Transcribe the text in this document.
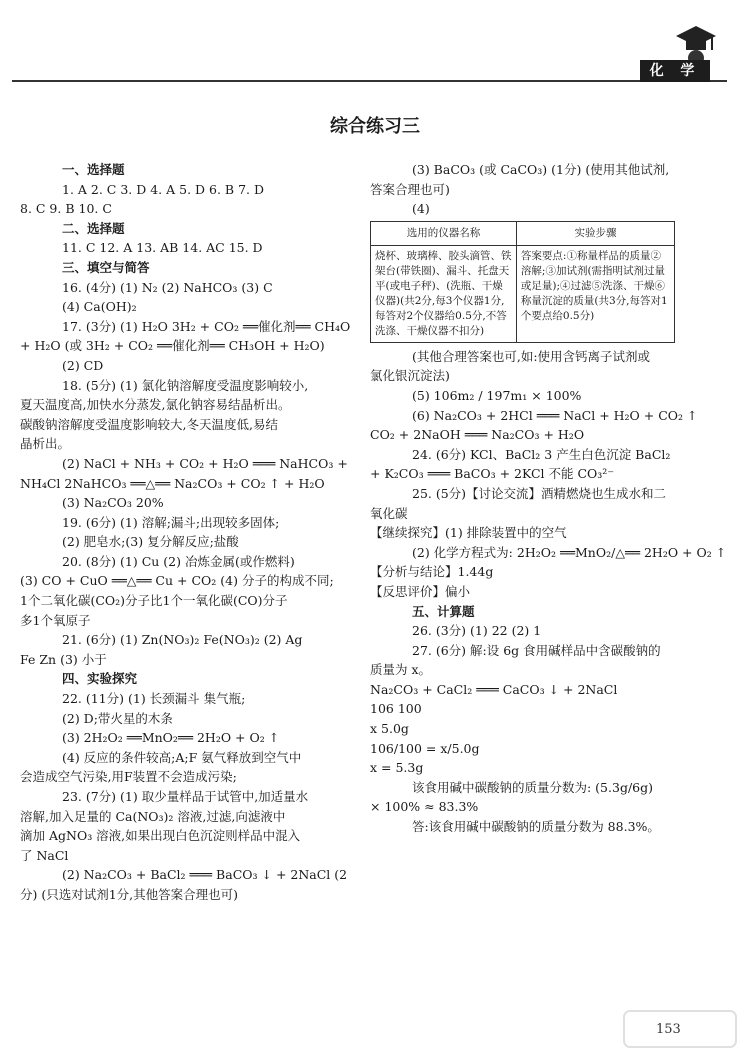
化 学
综合练习三
一、选择题
1. A 2. C 3. D 4. A 5. D 6. B 7. D
8. C 9. B 10. C
二、选择题
11. C 12. A 13. AB 14. AC 15. D
三、填空与简答
16. (4分) (1) N₂ (2) NaHCO₃ (3) C
(4) Ca(OH)₂
17. (3分) (1) H₂O 3H₂ + CO₂ ══催化剂══ CH₄O
+ H₂O (或 3H₂ + CO₂ ══催化剂══ CH₃OH + H₂O)
(2) CD
18. (5分) (1) 氯化钠溶解度受温度影响较小,
夏天温度高,加快水分蒸发,氯化钠容易结晶析出。
碳酸钠溶解度受温度影响较大,冬天温度低,易结
晶析出。
(2) NaCl + NH₃ + CO₂ + H₂O ═══ NaHCO₃ +
NH₄Cl 2NaHCO₃ ══△══ Na₂CO₃ + CO₂ ↑ + H₂O
(3) Na₂CO₃ 20%
19. (6分) (1) 溶解;漏斗;出现较多固体;
(2) 肥皂水;(3) 复分解反应;盐酸
20. (8分) (1) Cu (2) 冶炼金属(或作燃料)
(3) CO + CuO ══△══ Cu + CO₂ (4) 分子的构成不同;
1个二氧化碳(CO₂)分子比1个一氧化碳(CO)分子
多1个氧原子
21. (6分) (1) Zn(NO₃)₂ Fe(NO₃)₂ (2) Ag
Fe Zn (3) 小于
四、实验探究
22. (11分) (1) 长颈漏斗 集气瓶;
(2) D;带火星的木条
(3) 2H₂O₂ ══MnO₂══ 2H₂O + O₂ ↑
(4) 反应的条件较高;A;F 氨气释放到空气中
会造成空气污染,用F装置不会造成污染;
23. (7分) (1) 取少量样品于试管中,加适量水
溶解,加入足量的 Ca(NO₃)₂ 溶液,过滤,向滤液中
滴加 AgNO₃ 溶液,如果出现白色沉淀则样品中混入
了 NaCl
(2) Na₂CO₃ + BaCl₂ ═══ BaCO₃ ↓ + 2NaCl (2
分) (只选对试剂1分,其他答案合理也可)
(3) BaCO₃ (或 CaCO₃) (1分) (使用其他试剂,
答案合理也可)
(4)
选用的仪器名称	实验步骤
烧杯、玻璃棒、胶头滴管、铁架台(带铁圈)、漏斗、托盘天平(或电子秤)、(洗瓶、干燥仪器)(共2分,每3个仪器1分,每答对2个仪器给0.5分,不答洗涤、干燥仪器不扣分)	答案要点:①称量样品的质量②溶解;③加试剂(需指明试剂过量或足量);④过滤⑤洗涤、干燥⑥称量沉淀的质量(共3分,每答对1个要点给0.5分)
(其他合理答案也可,如:使用含钙离子试剂或
氯化银沉淀法)
(5) 106m₂ / 197m₁ × 100%
(6) Na₂CO₃ + 2HCl ═══ NaCl + H₂O + CO₂ ↑
CO₂ + 2NaOH ═══ Na₂CO₃ + H₂O
24. (6分) KCl、BaCl₂ 3 产生白色沉淀 BaCl₂
+ K₂CO₃ ═══ BaCO₃ + 2KCl 不能 CO₃²⁻
25. (5分)【讨论交流】酒精燃烧也生成水和二
氧化碳
【继续探究】(1) 排除装置中的空气
(2) 化学方程式为: 2H₂O₂ ══MnO₂/△══ 2H₂O + O₂ ↑
【分析与结论】1.44g
【反思评价】偏小
五、计算题
26. (3分) (1) 22 (2) 1
27. (6分) 解:设 6g 食用碱样品中含碳酸钠的
质量为 x。
Na₂CO₃ + CaCl₂ ═══ CaCO₃ ↓ + 2NaCl
106 100
x 5.0g
106/100 = x/5.0g
x = 5.3g
该食用碱中碳酸钠的质量分数为: (5.3g/6g)
× 100% ≈ 83.3%
答:该食用碱中碳酸钠的质量分数为 88.3%。
153
